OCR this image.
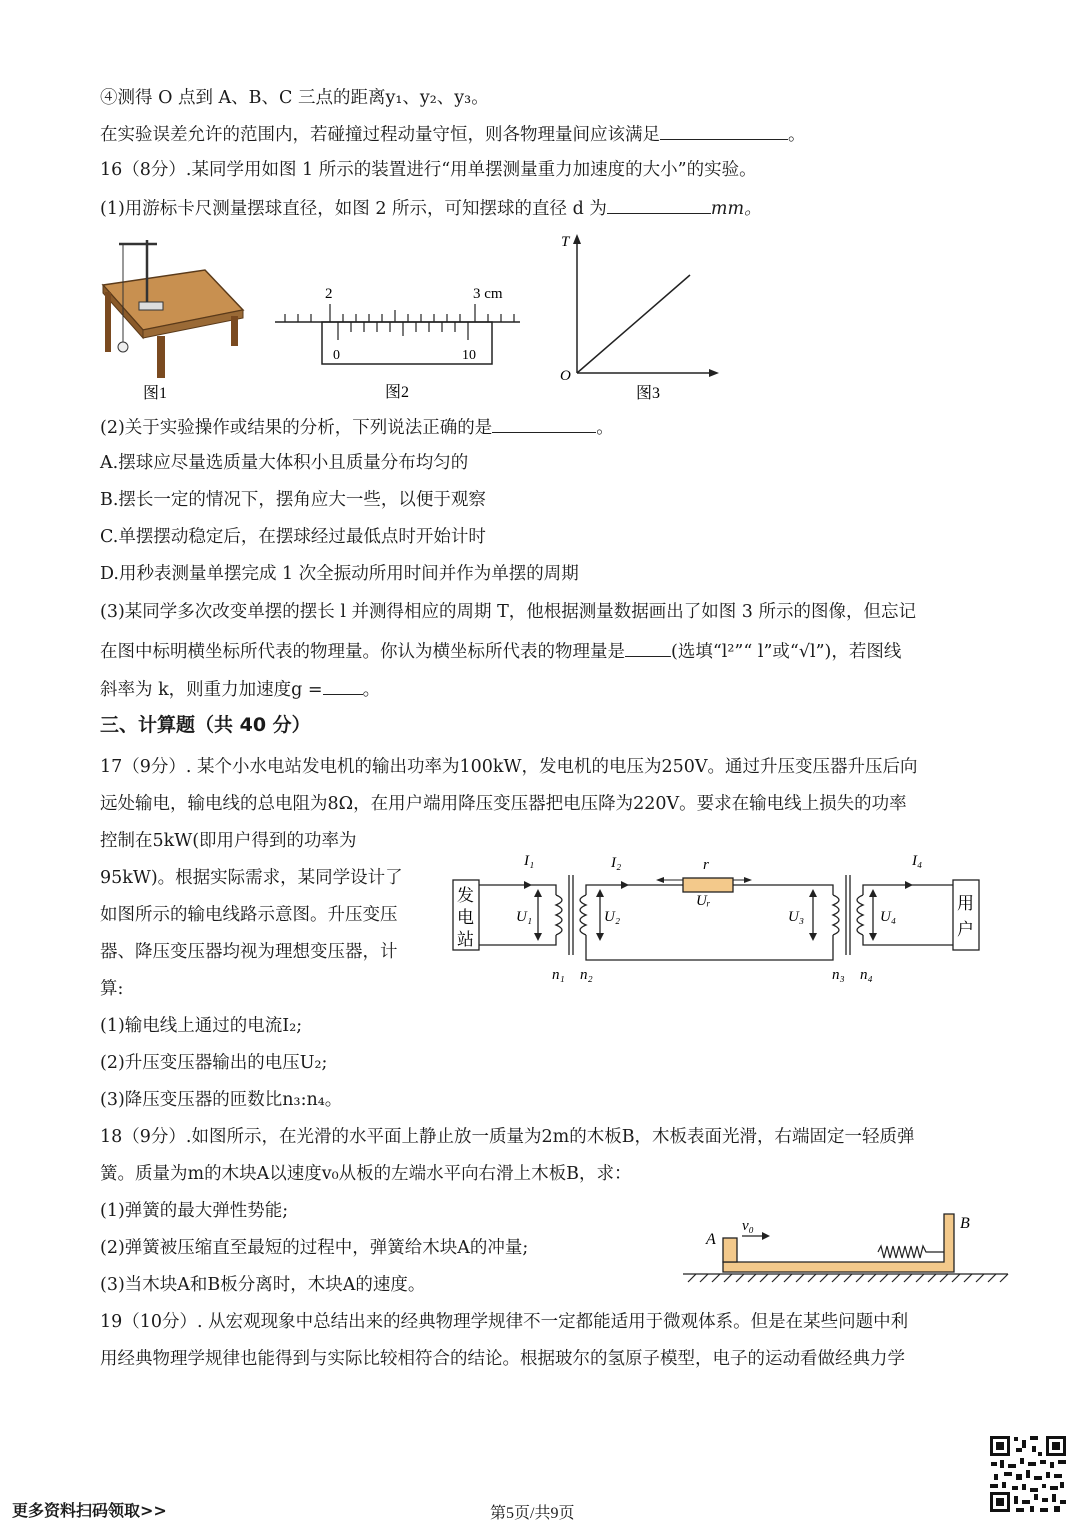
④测得 O 点到 A、B、C 三点的距离y₁、y₂、y₃。
在实验误差允许的范围内，若碰撞过程动量守恒，则各物理量间应该满足	。
16（8分）.某同学用如图 1 所示的装置进行“用单摆测量重力加速度的大小”的实验。
(1)用游标卡尺测量摆球直径，如图 2 所示，可知摆球的直径 d 为	mm。
图1
2	3 cm
0	10
图2
T
O
图3
(2)关于实验操作或结果的分析，下列说法正确的是	。
A.摆球应尽量选质量大体积小且质量分布均匀的
B.摆长一定的情况下，摆角应大一些，以便于观察
C.单摆摆动稳定后，在摆球经过最低点时开始计时
D.用秒表测量单摆完成 1 次全振动所用时间并作为单摆的周期
(3)某同学多次改变单摆的摆长 l 并测得相应的周期 T，他根据测量数据画出了如图 3 所示的图像，但忘记
在图中标明横坐标所代表的物理量。你认为横坐标所代表的物理量是	(选填“l²”“ l”或“√l”)，若图线
斜率为 k，则重力加速度g = 。
三、计算题（共 40 分）
17（9分）. 某个小水电站发电机的输出功率为100kW，发电机的电压为250V。通过升压变压器升压后向
远处输电，输电线的总电阻为8Ω，在用户端用降压变压器把电压降为220V。要求在输电线上损失的功率
控制在5kW(即用户得到的功率为
95kW)。根据实际需求，某同学设计了
如图所示的输电线路示意图。升压变压
器、降压变压器均视为理想变压器，计
算:
I₁	I₂	I₄
r
Uᵣ
U₁	U₂	U₃	U₄
n₁ n₂	n₃ n₄
发
电
站
用
户
(1)输电线上通过的电流I₂;
(2)升压变压器输出的电压U₂;
(3)降压变压器的匝数比n₃:n₄。
18（9分）.如图所示，在光滑的水平面上静止放一质量为2m的木板B，木板表面光滑，右端固定一轻质弹
簧。质量为m的木块A以速度v₀从板的左端水平向右滑上木板B，求：
(1)弹簧的最大弹性势能;
(2)弹簧被压缩直至最短的过程中，弹簧给木块A的冲量;
(3)当木块A和B板分离时，木块A的速度。
A
v₀	B
19（10分）. 从宏观现象中总结出来的经典物理学规律不一定都能适用于微观体系。但是在某些问题中利
用经典物理学规律也能得到与实际比较相符合的结论。根据玻尔的氢原子模型，电子的运动看做经典力学
更多资料扫码领取>>	第5页/共9页
